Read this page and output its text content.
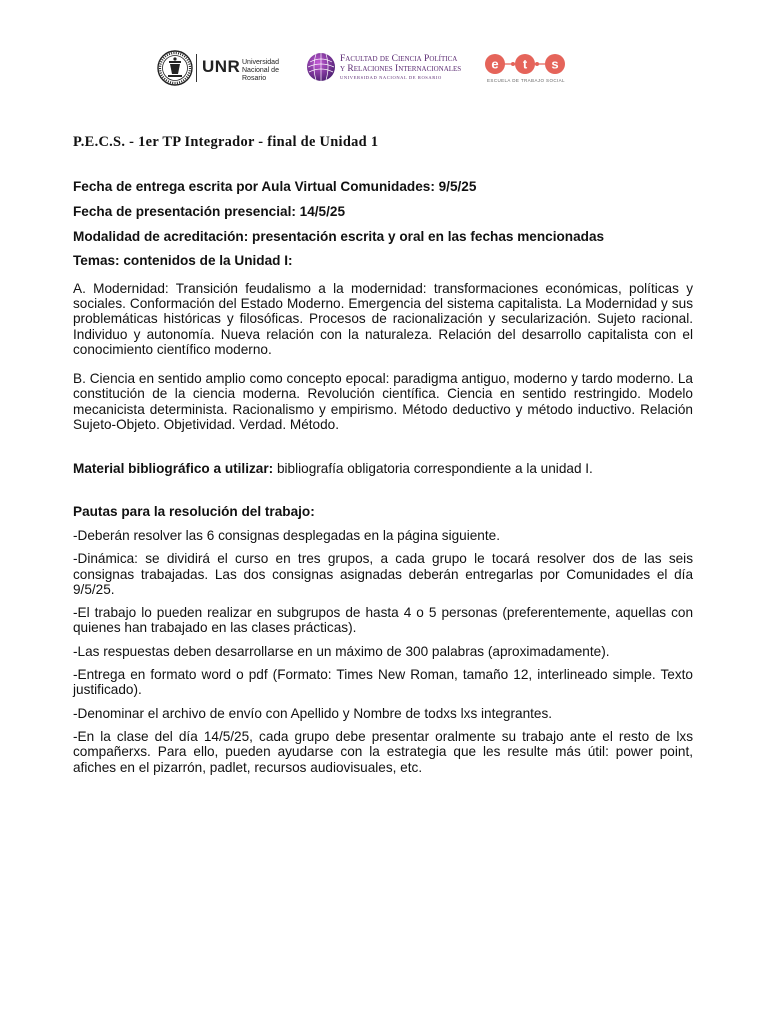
UNR Universidad Nacional de Rosario
Facultad de Ciencia Política
y Relaciones Internacionales
UNIVERSIDAD NACIONAL DE ROSARIO
e t s
ESCUELA DE TRABAJO SOCIAL
P.E.C.S. - 1er TP Integrador - final de Unidad 1
Fecha de entrega escrita por Aula Virtual Comunidades: 9/5/25
Fecha de presentación presencial: 14/5/25
Modalidad de acreditación: presentación escrita y oral en las fechas mencionadas
Temas: contenidos de la Unidad I:

A. Modernidad: Transición feudalismo a la modernidad: transformaciones económicas, políticas y sociales. Conformación del Estado Moderno. Emergencia del sistema capitalista. La Modernidad y sus problemáticas históricas y filosóficas. Procesos de racionalización y secularización. Sujeto racional. Individuo y autonomía. Nueva relación con la naturaleza. Relación del desarrollo capitalista con el conocimiento científico moderno.

B. Ciencia en sentido amplio como concepto epocal: paradigma antiguo, moderno y tardo moderno. La constitución de la ciencia moderna. Revolución científica. Ciencia en sentido restringido. Modelo mecanicista determinista. Racionalismo y empirismo. Método deductivo y método inductivo. Relación Sujeto-Objeto. Objetividad. Verdad. Método.

Material bibliográfico a utilizar: bibliografía obligatoria correspondiente a la unidad I.

Pautas para la resolución del trabajo:

-Deberán resolver las 6 consignas desplegadas en la página siguiente.

-Dinámica: se dividirá el curso en tres grupos, a cada grupo le tocará resolver dos de las seis consignas trabajadas. Las dos consignas asignadas deberán entregarlas por Comunidades el día 9/5/25.

-El trabajo lo pueden realizar en subgrupos de hasta 4 o 5 personas (preferentemente, aquellas con quienes han trabajado en las clases prácticas).

-Las respuestas deben desarrollarse en un máximo de 300 palabras (aproximadamente).

-Entrega en formato word o pdf (Formato: Times New Roman, tamaño 12, interlineado simple. Texto justificado).

-Denominar el archivo de envío con Apellido y Nombre de todxs lxs integrantes.

-En la clase del día 14/5/25, cada grupo debe presentar oralmente su trabajo ante el resto de lxs compañerxs. Para ello, pueden ayudarse con la estrategia que les resulte más útil: power point, afiches en el pizarrón, padlet, recursos audiovisuales, etc.
